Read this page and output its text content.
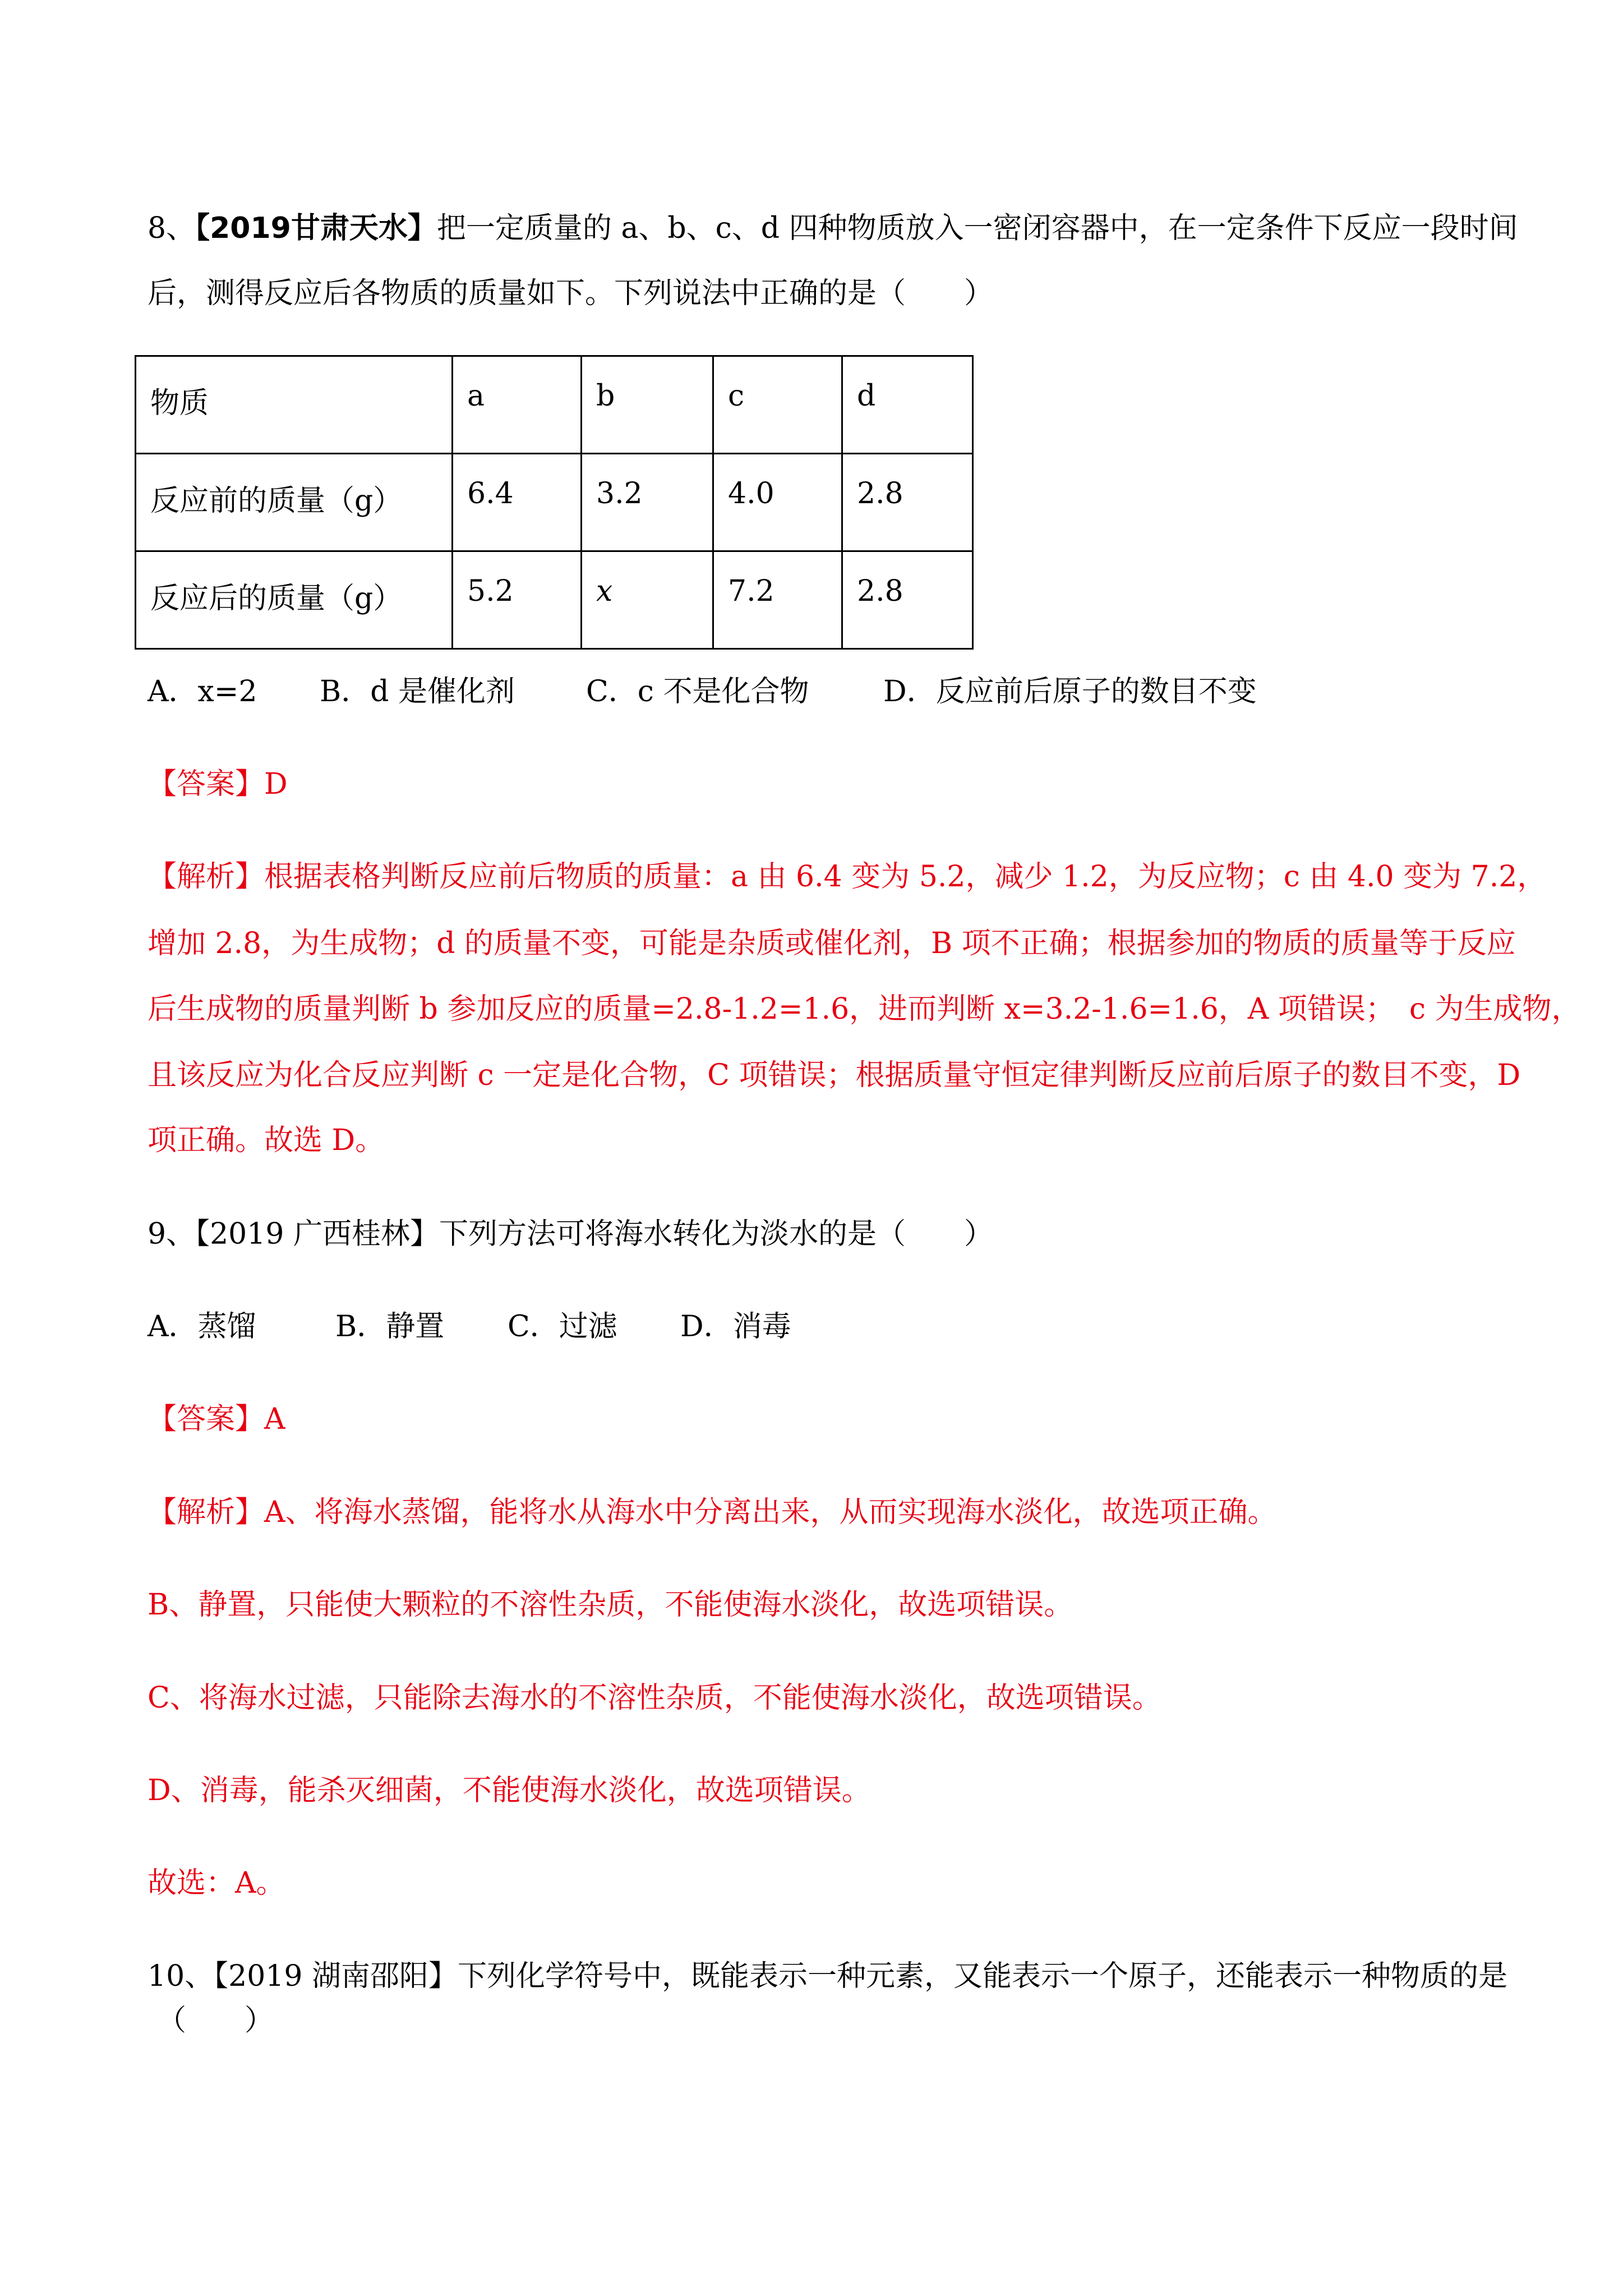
8、【2019甘肃天水】把一定质量的 a、b、c、d 四种物质放入一密闭容器中，在一定条件下反应一段时间
后，测得反应后各物质的质量如下。下列说法中正确的是（　　）
物质	a	b	c	d
反应前的质量（g）	6.4	3.2	4.0	2.8
反应后的质量（g）	5.2	x	7.2	2.8
A．x=2 B．d 是催化剂 C．c 不是化合物	D．反应前后原子的数目不变
【答案】D
【解析】根据表格判断反应前后物质的质量：a 由 6.4 变为 5.2，减少 1.2，为反应物；c 由 4.0 变为 7.2，
增加 2.8，为生成物；d 的质量不变，可能是杂质或催化剂，B 项不正确；根据参加的物质的质量等于反应
后生成物的质量判断 b 参加反应的质量=2.8-1.2=1.6，进而判断 x=3.2-1.6=1.6，A 项错误；　c 为生成物，
且该反应为化合反应判断 c 一定是化合物，C 项错误；根据质量守恒定律判断反应前后原子的数目不变，D
项正确。故选 D。
9、【2019 广西桂林】下列方法可将海水转化为淡水的是（　　）
A．蒸馏	B．静置 C．过滤 D．消毒
【答案】A
【解析】A、将海水蒸馏，能将水从海水中分离出来，从而实现海水淡化，故选项正确。
B、静置，只能使大颗粒的不溶性杂质，不能使海水淡化，故选项错误。
C、将海水过滤，只能除去海水的不溶性杂质，不能使海水淡化，故选项错误。
D、消毒，能杀灭细菌，不能使海水淡化，故选项错误。
故选：A。
10、【2019 湖南邵阳】下列化学符号中，既能表示一种元素，又能表示一个原子，还能表示一种物质的是
（　　）
